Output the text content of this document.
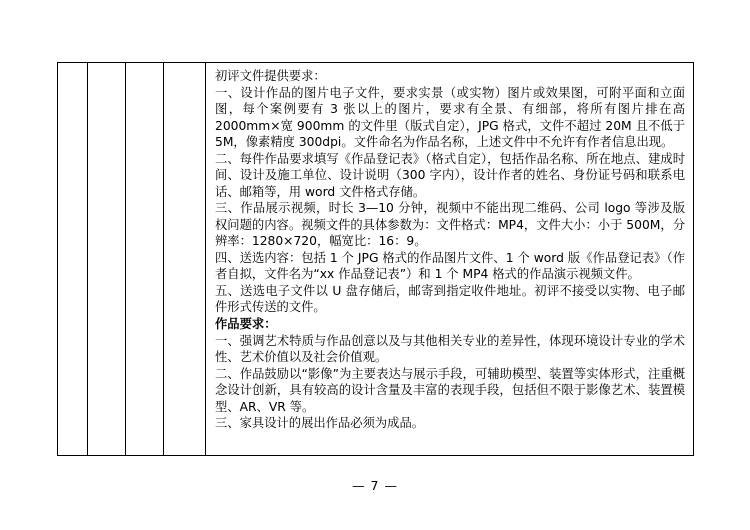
初评文件提供要求：

一、设计作品的图片电子文件，要求实景（或实物）图片或效果图，可附平面和立面图，每个案例要有 3 张以上的图片，要求有全景、有细部，将所有图片排在高 2000mm×宽 900mm 的文件里（版式自定），JPG 格式，文件不超过 20M 且不低于 5M，像素精度 300dpi。文件命名为作品名称，上述文件中不允许有作者信息出现。

二、每件作品要求填写《作品登记表》（格式自定），包括作品名称、所在地点、建成时间、设计及施工单位、设计说明（300 字内），设计作者的姓名、身份证号码和联系电话、邮箱等，用 word 文件格式存储。

三、作品展示视频，时长 3—10 分钟，视频中不能出现二维码、公司 logo 等涉及版权问题的内容。视频文件的具体参数为：文件格式：MP4，文件大小：小于 500M，分辨率：1280×720，幅宽比：16：9。

四、送选内容：包括 1 个 JPG 格式的作品图片文件、1 个 word 版《作品登记表》（作者自拟，文件名为“xx 作品登记表”）和 1 个 MP4 格式的作品演示视频文件。

五、送选电子文件以 U 盘存储后，邮寄到指定收件地址。初评不接受以实物、电子邮件形式传送的文件。

作品要求：

一、强调艺术特质与作品创意以及与其他相关专业的差异性，体现环境设计专业的学术性、艺术价值以及社会价值观。

二、作品鼓励以“影像”为主要表达与展示手段，可辅助模型、装置等实体形式，注重概念设计创新，具有较高的设计含量及丰富的表现手段，包括但不限于影像艺术、装置模型、AR、VR 等。

三、家具设计的展出作品必须为成品。

— 7 —
